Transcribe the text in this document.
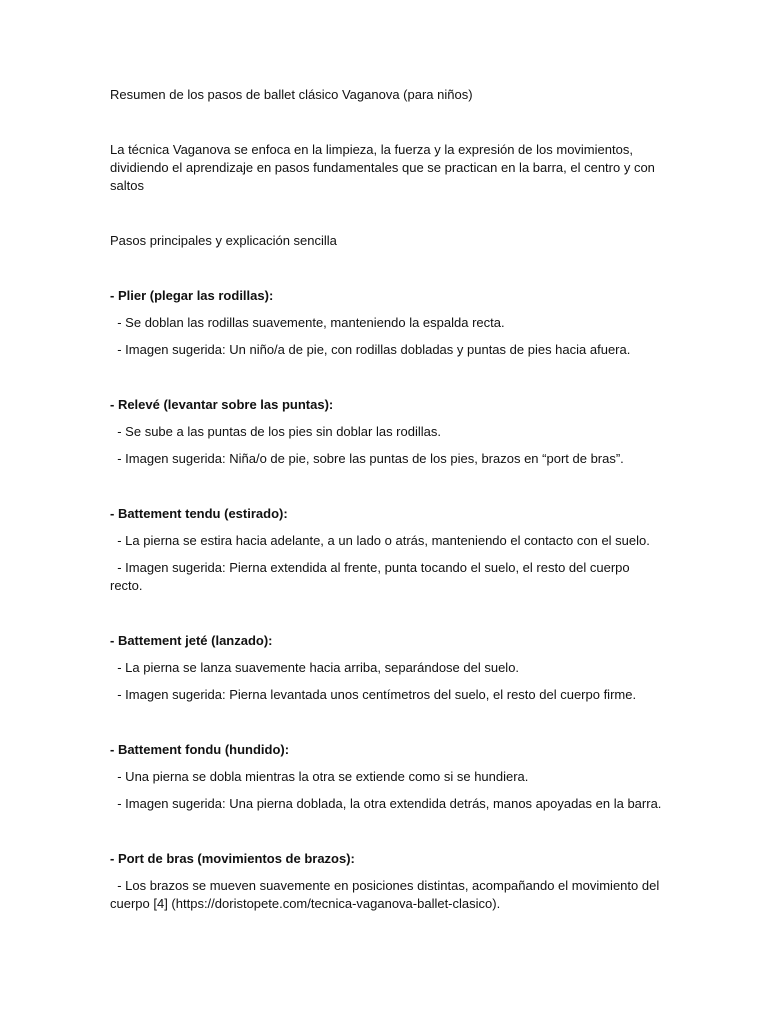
Resumen de los pasos de ballet clásico Vaganova (para niños)

La técnica Vaganova se enfoca en la limpieza, la fuerza y la expresión de los movimientos, dividiendo el aprendizaje en pasos fundamentales que se practican en la barra, el centro y con saltos

Pasos principales y explicación sencilla

- Plier (plegar las rodillas):

- Se doblan las rodillas suavemente, manteniendo la espalda recta.

- Imagen sugerida: Un niño/a de pie, con rodillas dobladas y puntas de pies hacia afuera.

- Relevé (levantar sobre las puntas):

- Se sube a las puntas de los pies sin doblar las rodillas.

- Imagen sugerida: Niña/o de pie, sobre las puntas de los pies, brazos en “port de bras”.

- Battement tendu (estirado):

- La pierna se estira hacia adelante, a un lado o atrás, manteniendo el contacto con el suelo.

- Imagen sugerida: Pierna extendida al frente, punta tocando el suelo, el resto del cuerpo recto.

- Battement jeté (lanzado):

- La pierna se lanza suavemente hacia arriba, separándose del suelo.

- Imagen sugerida: Pierna levantada unos centímetros del suelo, el resto del cuerpo firme.

- Battement fondu (hundido):

- Una pierna se dobla mientras la otra se extiende como si se hundiera.

- Imagen sugerida: Una pierna doblada, la otra extendida detrás, manos apoyadas en la barra.

- Port de bras (movimientos de brazos):

- Los brazos se mueven suavemente en posiciones distintas, acompañando el movimiento del cuerpo [4] (https://doristopete.com/tecnica-vaganova-ballet-clasico).
